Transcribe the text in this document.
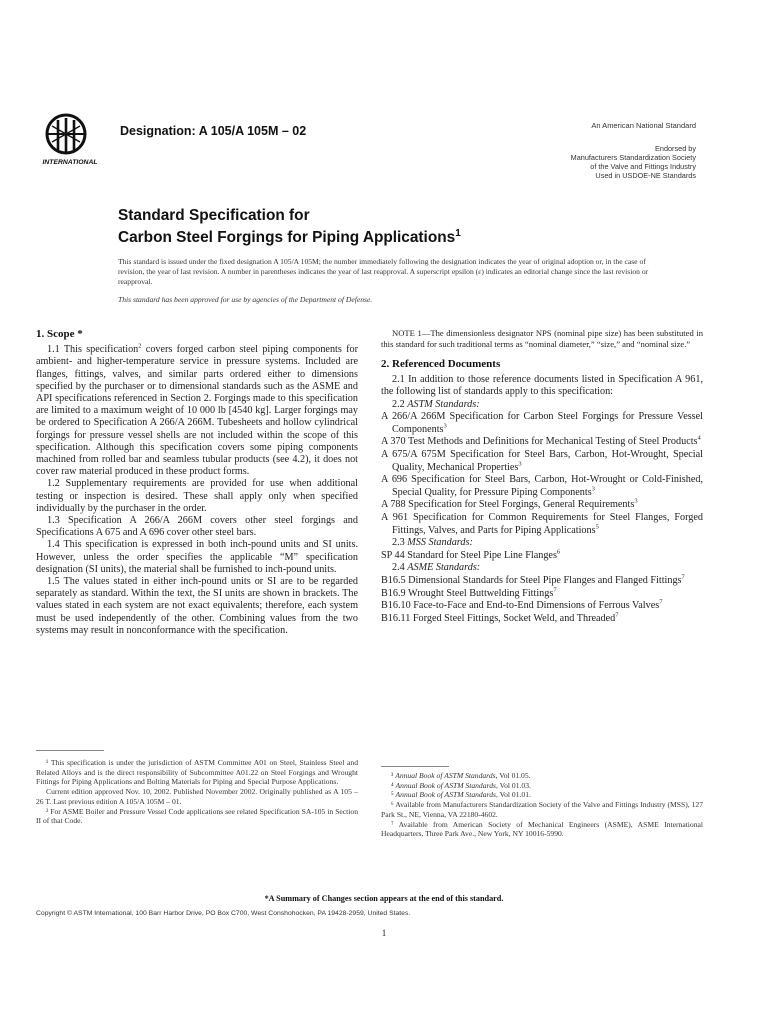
INTERNATIONAL
Designation: A 105/A 105M – 02	An American National Standard
Endorsed by
Manufacturers Standardization Society
of the Valve and Fittings Industry
Used in USDOE-NE Standards
Standard Specification for
Carbon Steel Forgings for Piping Applications$^1$
This standard is issued under the fixed designation A 105/A 105M; the number immediately following the designation indicates the year of original adoption or, in the case of revision, the year of last revision. A number in parentheses indicates the year of last reapproval. A superscript epsilon (ε) indicates an editorial change since the last revision or reapproval.
This standard has been approved for use by agencies of the Department of Defense.
1. Scope *

1.1 This specification$^2$ covers forged carbon steel piping components for ambient- and higher-temperature service in pressure systems. Included are flanges, fittings, valves, and similar parts ordered either to dimensions specified by the purchaser or to dimensional standards such as the ASME and API specifications referenced in Section 2. Forgings made to this specification are limited to a maximum weight of 10 000 lb [4540 kg]. Larger forgings may be ordered to Specification A 266/A 266M. Tubesheets and hollow cylindrical forgings for pressure vessel shells are not included within the scope of this specification. Although this specification covers some piping components machined from rolled bar and seamless tubular products (see 4.2), it does not cover raw material produced in these product forms.

1.2 Supplementary requirements are provided for use when additional testing or inspection is desired. These shall apply only when specified individually by the purchaser in the order.

1.3 Specification A 266/A 266M covers other steel forgings and Specifications A 675 and A 696 cover other steel bars.

1.4 This specification is expressed in both inch-pound units and SI units. However, unless the order specifies the applicable “M” specification designation (SI units), the material shall be furnished to inch-pound units.

1.5 The values stated in either inch-pound units or SI are to be regarded separately as standard. Within the text, the SI units are shown in brackets. The values stated in each system are not exact equivalents; therefore, each system must be used independently of the other. Combining values from the two systems may result in nonconformance with the specification.

NOTE 1—The dimensionless designator NPS (nominal pipe size) has been substituted in this standard for such traditional terms as “nominal diameter,” “size,” and “nominal size.”

2. Referenced Documents

2.1 In addition to those reference documents listed in Specification A 961, the following list of standards apply to this specification:

2.2 ASTM Standards:

A 266/A 266M Specification for Carbon Steel Forgings for Pressure Vessel Components$^3$

A 370 Test Methods and Definitions for Mechanical Testing of Steel Products$^4$

A 675/A 675M Specification for Steel Bars, Carbon, Hot-Wrought, Special Quality, Mechanical Properties$^3$

A 696 Specification for Steel Bars, Carbon, Hot-Wrought or Cold-Finished, Special Quality, for Pressure Piping Components$^3$

A 788 Specification for Steel Forgings, General Requirements$^3$

A 961 Specification for Common Requirements for Steel Flanges, Forged Fittings, Valves, and Parts for Piping Applications$^5$

2.3 MSS Standards:

SP 44 Standard for Steel Pipe Line Flanges$^6$

2.4 ASME Standards:

B16.5 Dimensional Standards for Steel Pipe Flanges and Flanged Fittings$^7$

B16.9 Wrought Steel Buttwelding Fittings$^7$

B16.10 Face-to-Face and End-to-End Dimensions of Ferrous Valves$^7$

B16.11 Forged Steel Fittings, Socket Weld, and Threaded$^7$

¹ This specification is under the jurisdiction of ASTM Committee A01 on Steel, Stainless Steel and Related Alloys and is the direct responsibility of Subcommittee A01.22 on Steel Forgings and Wrought Fittings for Piping Applications and Bolting Materials for Piping and Special Purpose Applications.

Current edition approved Nov. 10, 2002. Published November 2002. Originally published as A 105 – 26 T. Last previous edition A 105/A 105M – 01.

² For ASME Boiler and Pressure Vessel Code applications see related Specification SA-105 in Section II of that Code.

³ Annual Book of ASTM Standards, Vol 01.05.

⁴ Annual Book of ASTM Standards, Vol 01.03.

⁵ Annual Book of ASTM Standards, Vol 01.01.

⁶ Available from Manufacturers Standardization Society of the Valve and Fittings Industry (MSS), 127 Park St., NE, Vienna, VA 22180-4602.

⁷ Available from American Society of Mechanical Engineers (ASME), ASME International Headquarters, Three Park Ave., New York, NY 10016-5990.

*A Summary of Changes section appears at the end of this standard.
Copyright © ASTM International, 100 Barr Harbor Drive, PO Box C700, West Conshohocken, PA 19428-2959, United States.
1
